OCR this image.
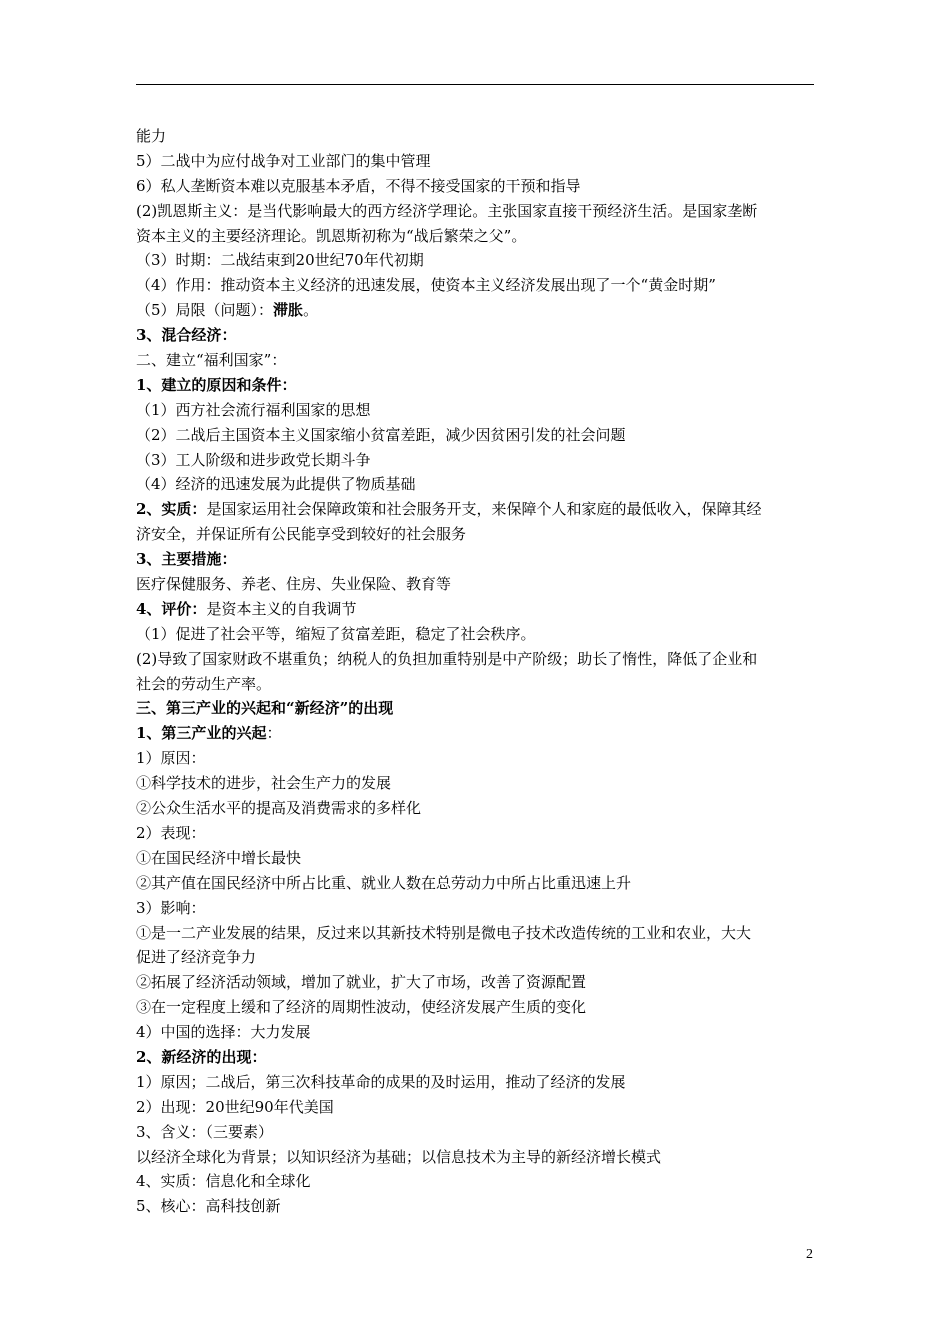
能力
5）二战中为应付战争对工业部门的集中管理
6）私人垄断资本难以克服基本矛盾，不得不接受国家的干预和指导
(2)凯恩斯主义：是当代影响最大的西方经济学理论。主张国家直接干预经济生活。是国家垄断
资本主义的主要经济理论。凯恩斯初称为“战后繁荣之父”。
（3）时期：二战结束到20世纪70年代初期
（4）作用：推动资本主义经济的迅速发展，使资本主义经济发展出现了一个“黄金时期”
（5）局限（问题）：滞胀。
3、混合经济：
二、建立“福利国家”：
1、建立的原因和条件：
（1）西方社会流行福利国家的思想
（2）二战后主国资本主义国家缩小贫富差距，减少因贫困引发的社会问题
（3）工人阶级和进步政党长期斗争
（4）经济的迅速发展为此提供了物质基础
2、实质：是国家运用社会保障政策和社会服务开支，来保障个人和家庭的最低收入，保障其经
济安全，并保证所有公民能享受到较好的社会服务
3、主要措施：
医疗保健服务、养老、住房、失业保险、教育等
4、评价：是资本主义的自我调节
（1）促进了社会平等，缩短了贫富差距，稳定了社会秩序。
(2)导致了国家财政不堪重负；纳税人的负担加重特别是中产阶级；助长了惰性，降低了企业和
社会的劳动生产率。
三、第三产业的兴起和“新经济”的出现
1、第三产业的兴起：
1）原因：
①科学技术的进步，社会生产力的发展
②公众生活水平的提高及消费需求的多样化
2）表现：
①在国民经济中增长最快
②其产值在国民经济中所占比重、就业人数在总劳动力中所占比重迅速上升
3）影响：
①是一二产业发展的结果，反过来以其新技术特别是微电子技术改造传统的工业和农业，大大
促进了经济竞争力
②拓展了经济活动领域，增加了就业，扩大了市场，改善了资源配置
③在一定程度上缓和了经济的周期性波动，使经济发展产生质的变化
4）中国的选择：大力发展
2、新经济的出现：
1）原因；二战后，第三次科技革命的成果的及时运用，推动了经济的发展
2）出现：20世纪90年代美国
3、含义：（三要素）
以经济全球化为背景；以知识经济为基础；以信息技术为主导的新经济增长模式
4、实质：信息化和全球化
5、核心：高科技创新
2
